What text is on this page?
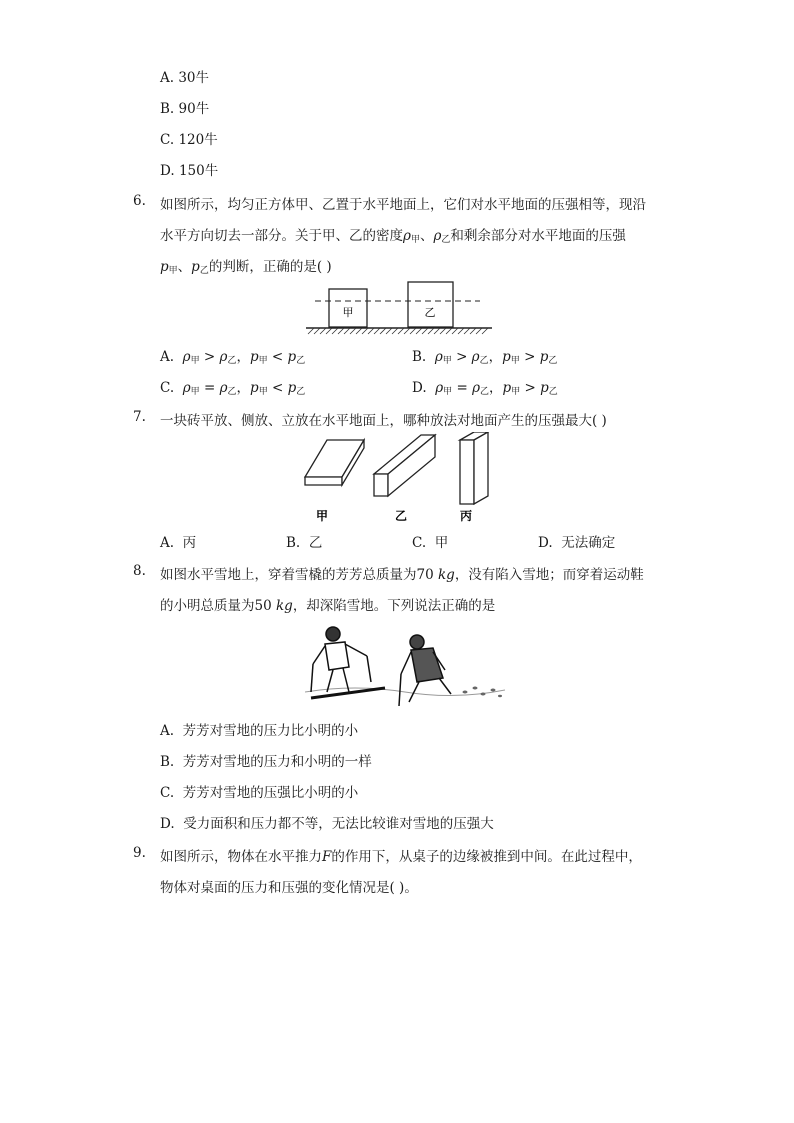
A. 30牛
B. 90牛
C. 120牛
D. 150牛
6. 如图所示，均匀正方体甲、乙置于水平地面上，它们对水平地面的压强相等，现沿
水平方向切去一部分。关于甲、乙的密度ρ甲、ρ乙和剩余部分对水平地面的压强
p甲、p乙的判断，正确的是( )
甲	乙
A. ρ甲 > ρ乙，p甲 < p乙	B. ρ甲 > ρ乙，p甲 > p乙
C. ρ甲 = ρ乙，p甲 < p乙	D. ρ甲 = ρ乙，p甲 > p乙
7. 一块砖平放、侧放、立放在水平地面上，哪种放法对地面产生的压强最大( )
甲	乙	丙
A. 丙	B. 乙	C. 甲	D. 无法确定
8. 如图水平雪地上，穿着雪橇的芳芳总质量为70 kg，没有陷入雪地；而穿着运动鞋
的小明总质量为50 kg，却深陷雪地。下列说法正确的是
A. 芳芳对雪地的压力比小明的小
B. 芳芳对雪地的压力和小明的一样
C. 芳芳对雪地的压强比小明的小
D. 受力面积和压力都不等，无法比较谁对雪地的压强大
9. 如图所示，物体在水平推力F的作用下，从桌子的边缘被推到中间。在此过程中，
物体对桌面的压力和压强的变化情况是( )。
